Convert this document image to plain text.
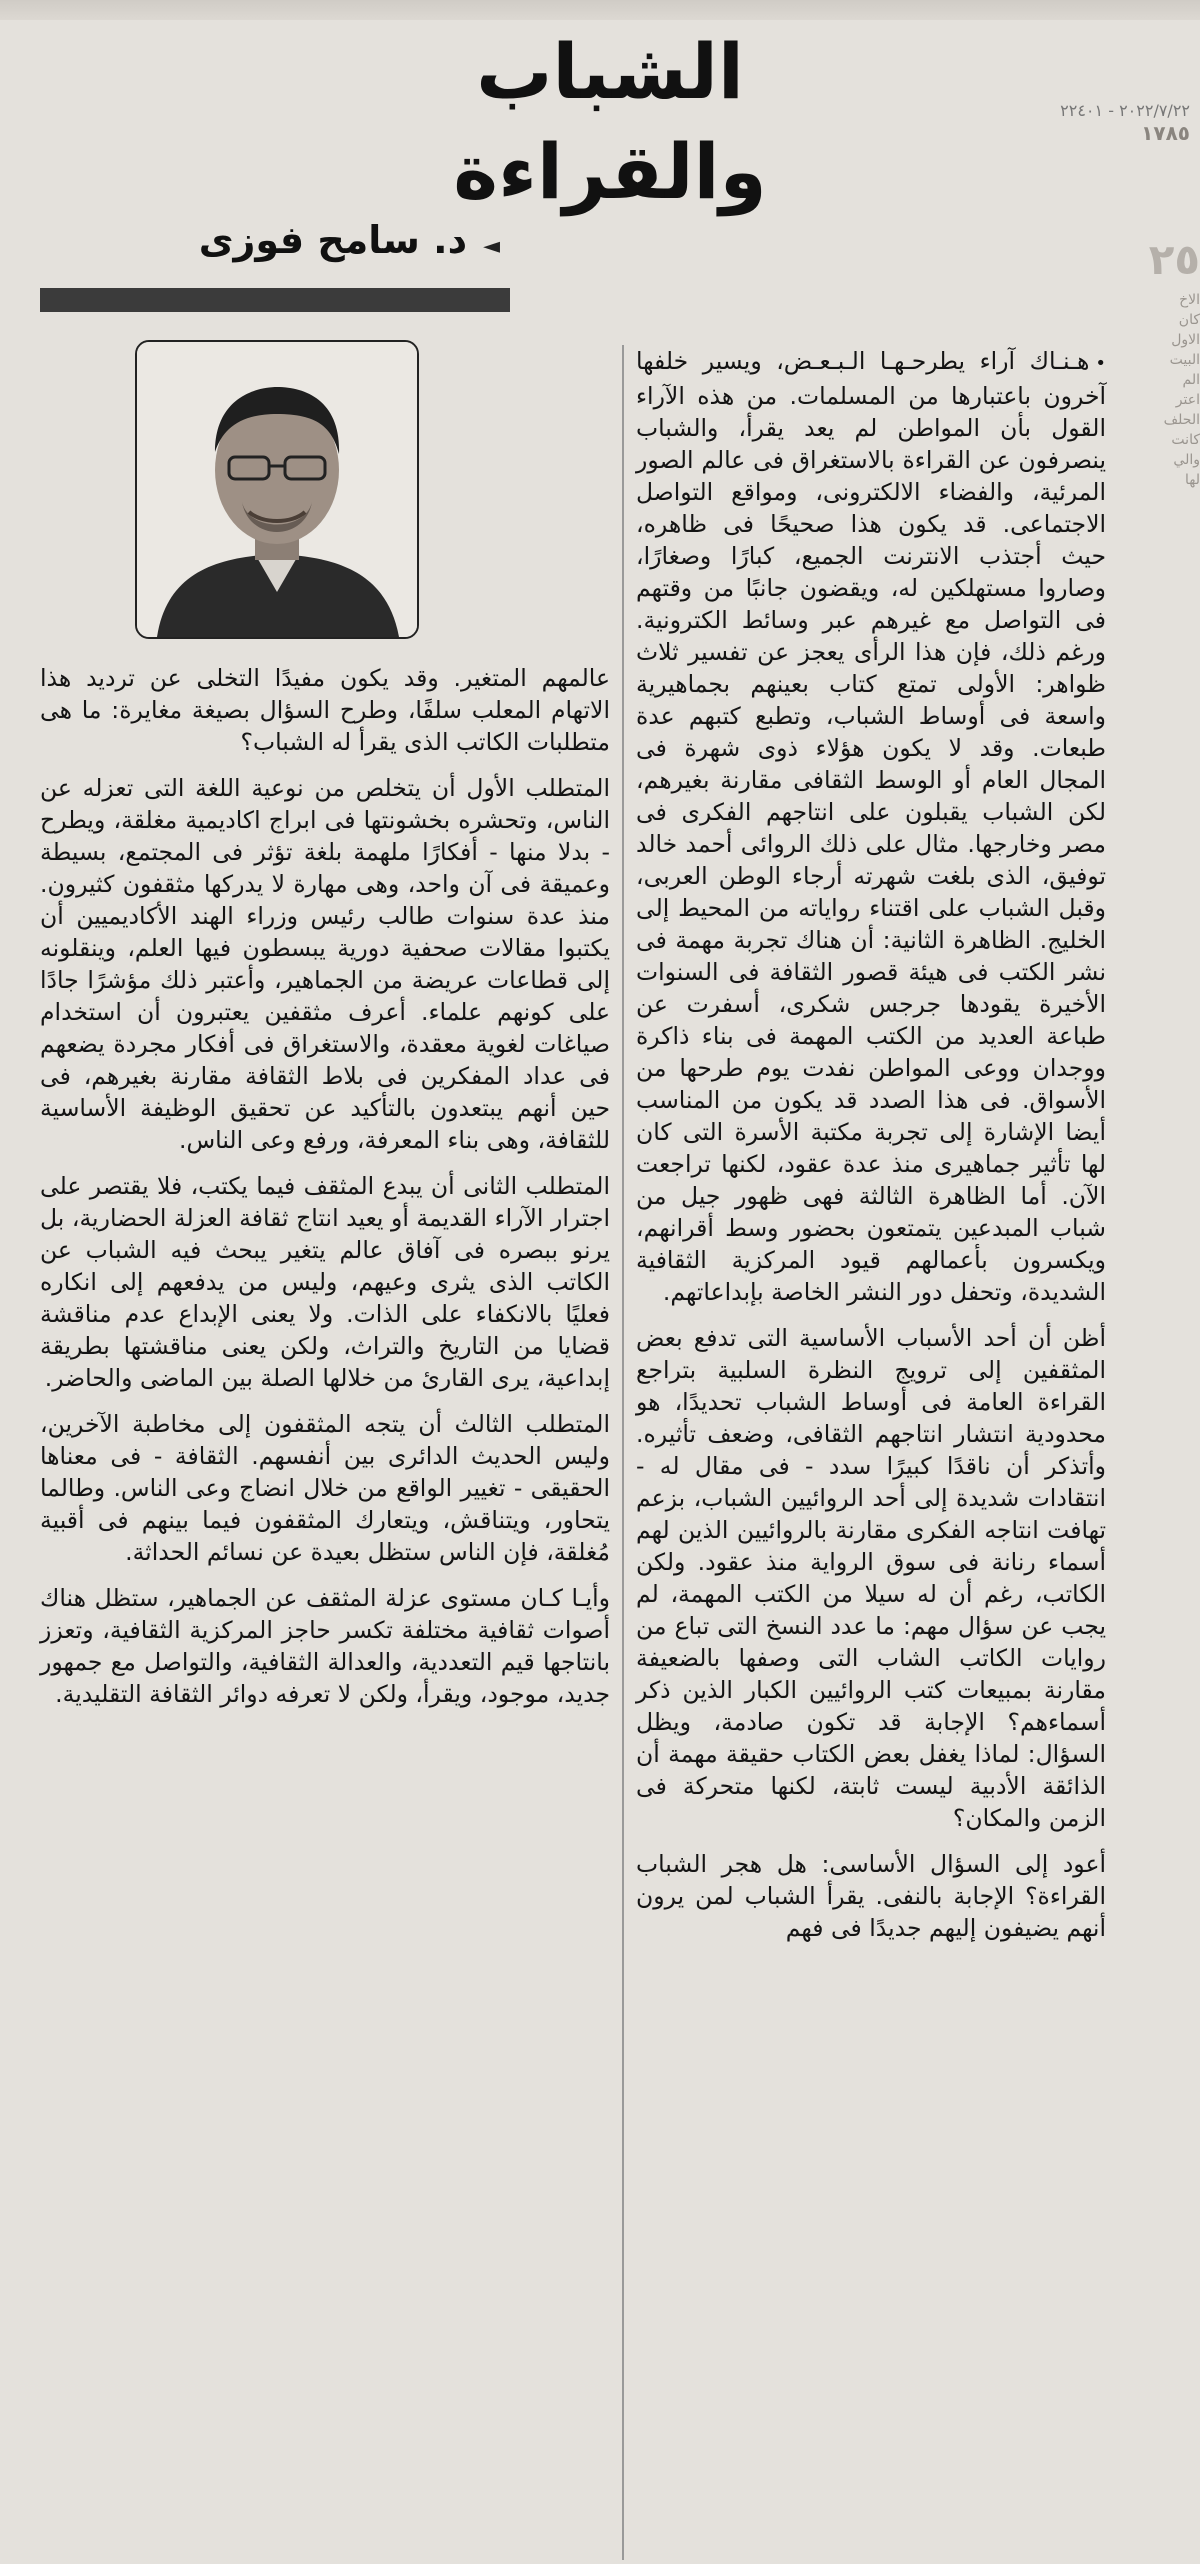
الشباب والقراءة
٢٠٢٢/٧/٢٢ - ٢٢٤٠١
١٧٨٥
٢٥
الاخ
كان
الاول
البيت
الم
اعتر
الحلف
كانت
والي
لها
◄د. سامح فوزى

•هـنـاك آراء يطرحـهـا الـبـعـض، ويسير خلفها آخرون باعتبارها من المسلمات. من هذه الآراء القول بأن المواطن لم يعد يقرأ، والشباب ينصرفون عن القراءة بالاستغراق فى عالم الصور المرئية، والفضاء الالكترونى، ومواقع التواصل الاجتماعى. قد يكون هذا صحيحًا فى ظاهره، حيث أجتذب الانترنت الجميع، كبارًا وصغارًا، وصاروا مستهلكين له، ويقضون جانبًا من وقتهم فى التواصل مع غيرهم عبر وسائط الكترونية. ورغم ذلك، فإن هذا الرأى يعجز عن تفسير ثلاث ظواهر: الأولى تمتع كتاب بعينهم بجماهيرية واسعة فى أوساط الشباب، وتطبع كتبهم عدة طبعات. وقد لا يكون هؤلاء ذوى شهرة فى المجال العام أو الوسط الثقافى مقارنة بغيرهم، لكن الشباب يقبلون على انتاجهم الفكرى فى مصر وخارجها. مثال على ذلك الروائى أحمد خالد توفيق، الذى بلغت شهرته أرجاء الوطن العربى، وقبل الشباب على اقتناء رواياته من المحيط إلى الخليج. الظاهرة الثانية: أن هناك تجربة مهمة فى نشر الكتب فى هيئة قصور الثقافة فى السنوات الأخيرة يقودها جرجس شكرى، أسفرت عن طباعة العديد من الكتب المهمة فى بناء ذاكرة ووجدان ووعى المواطن نفدت يوم طرحها من الأسواق. فى هذا الصدد قد يكون من المناسب أيضا الإشارة إلى تجربة مكتبة الأسرة التى كان لها تأثير جماهيرى منذ عدة عقود، لكنها تراجعت الآن. أما الظاهرة الثالثة فهى ظهور جيل من شباب المبدعين يتمتعون بحضور وسط أقرانهم، ويكسرون بأعمالهم قيود المركزية الثقافية الشديدة، وتحفل دور النشر الخاصة بإبداعاتهم.

أظن أن أحد الأسباب الأساسية التى تدفع بعض المثقفين إلى ترويج النظرة السلبية بتراجع القراءة العامة فى أوساط الشباب تحديدًا، هو محدودية انتشار انتاجهم الثقافى، وضعف تأثيره. وأتذكر أن ناقدًا كبيرًا سدد - فى مقال له - انتقادات شديدة إلى أحد الروائيين الشباب، بزعم تهافت انتاجه الفكرى مقارنة بالروائيين الذين لهم أسماء رنانة فى سوق الرواية منذ عقود. ولكن الكاتب، رغم أن له سيلا من الكتب المهمة، لم يجب عن سؤال مهم: ما عدد النسخ التى تباع من روايات الكاتب الشاب التى وصفها بالضعيفة مقارنة بمبيعات كتب الروائيين الكبار الذين ذكر أسماءهم؟ الإجابة قد تكون صادمة، ويظل السؤال: لماذا يغفل بعض الكتاب حقيقة مهمة أن الذائقة الأدبية ليست ثابتة، لكنها متحركة فى الزمن والمكان؟

أعود إلى السؤال الأساسى: هل هجر الشباب القراءة؟ الإجابة بالنفى. يقرأ الشباب لمن يرون أنهم يضيفون إليهم جديدًا فى فهم

عالمهم المتغير. وقد يكون مفيدًا التخلى عن ترديد هذا الاتهام المعلب سلفًا، وطرح السؤال بصيغة مغايرة: ما هى متطلبات الكاتب الذى يقرأ له الشباب؟

المتطلب الأول أن يتخلص من نوعية اللغة التى تعزله عن الناس، وتحشره بخشونتها فى ابراج اكاديمية مغلقة، ويطرح - بدلا منها - أفكارًا ملهمة بلغة تؤثر فى المجتمع، بسيطة وعميقة فى آن واحد، وهى مهارة لا يدركها مثقفون كثيرون. منذ عدة سنوات طالب رئيس وزراء الهند الأكاديميين أن يكتبوا مقالات صحفية دورية يبسطون فيها العلم، وينقلونه إلى قطاعات عريضة من الجماهير، وأعتبر ذلك مؤشرًا جادًا على كونهم علماء. أعرف مثقفين يعتبرون أن استخدام صياغات لغوية معقدة، والاستغراق فى أفكار مجردة يضعهم فى عداد المفكرين فى بلاط الثقافة مقارنة بغيرهم، فى حين أنهم يبتعدون بالتأكيد عن تحقيق الوظيفة الأساسية للثقافة، وهى بناء المعرفة، ورفع وعى الناس.

المتطلب الثانى أن يبدع المثقف فيما يكتب، فلا يقتصر على اجترار الآراء القديمة أو يعيد انتاج ثقافة العزلة الحضارية، بل يرنو ببصره فى آفاق عالم يتغير يبحث فيه الشباب عن الكاتب الذى يثرى وعيهم، وليس من يدفعهم إلى انكاره فعليًا بالانكفاء على الذات. ولا يعنى الإبداع عدم مناقشة قضايا من التاريخ والتراث، ولكن يعنى مناقشتها بطريقة إبداعية، يرى القارئ من خلالها الصلة بين الماضى والحاضر.

المتطلب الثالث أن يتجه المثقفون إلى مخاطبة الآخرين، وليس الحديث الدائرى بين أنفسهم. الثقافة - فى معناها الحقيقى - تغيير الواقع من خلال انضاج وعى الناس. وطالما يتحاور، ويتناقش، ويتعارك المثقفون فيما بينهم فى أقبية مُغلقة، فإن الناس ستظل بعيدة عن نسائم الحداثة.

وأيـا كـان مستوى عزلة المثقف عن الجماهير، ستظل هناك أصوات ثقافية مختلفة تكسر حاجز المركزية الثقافية، وتعزز بانتاجها قيم التعددية، والعدالة الثقافية، والتواصل مع جمهور جديد، موجود، ويقرأ، ولكن لا تعرفه دوائر الثقافة التقليدية.
